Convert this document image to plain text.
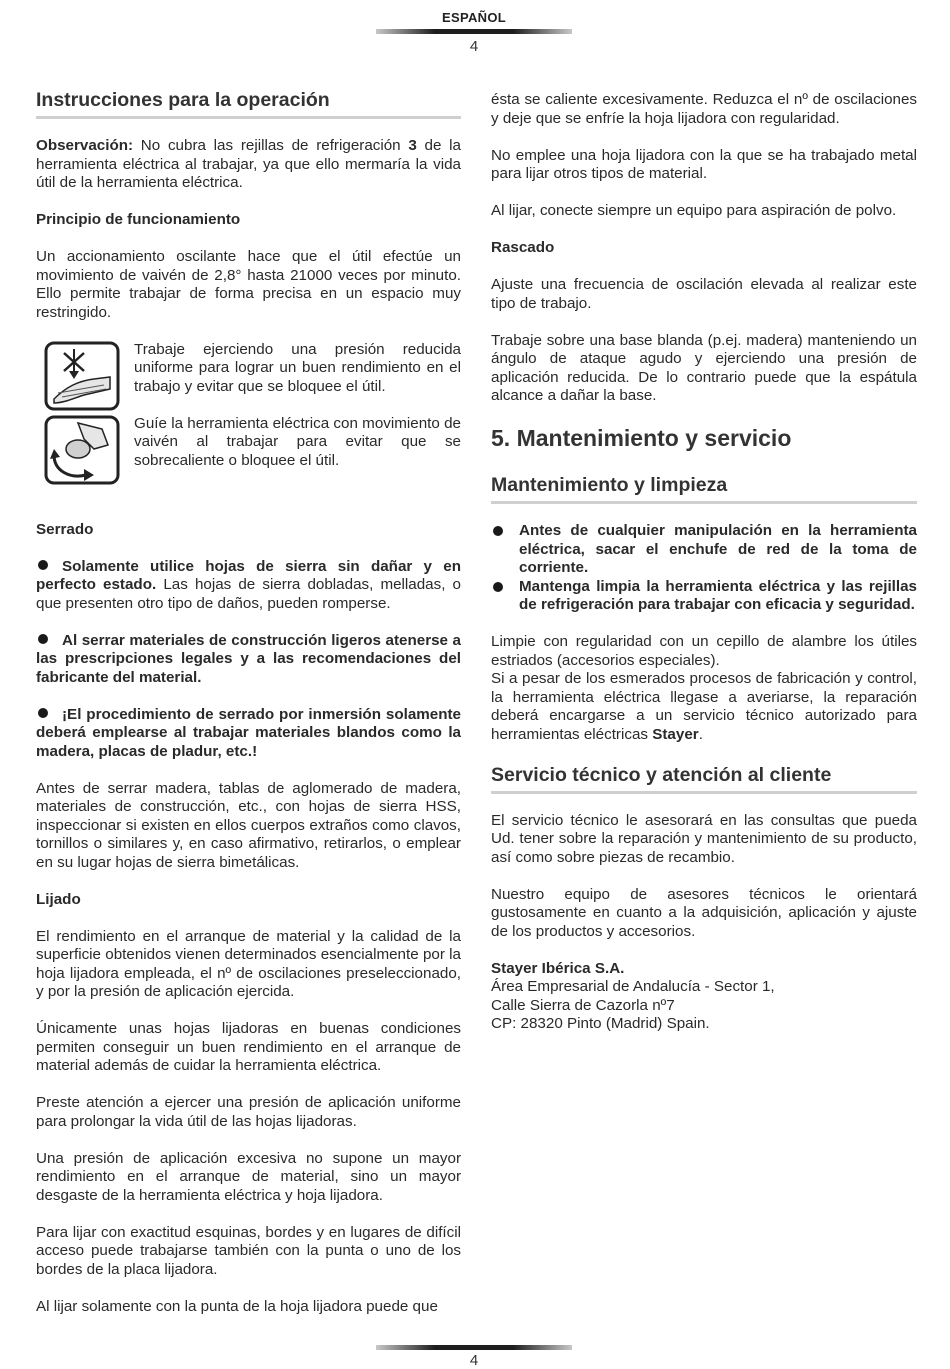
ESPAÑOL
4
Instrucciones para la operación

Observación: No cubra las rejillas de refrigeración 3 de la herramienta eléctrica al trabajar, ya que ello mermaría la vida útil de la herramienta eléctrica.

Principio de funcionamiento

Un accionamiento oscilante hace que el útil efectúe un movimiento de vaivén de 2,8° hasta 21000 veces por minuto. Ello permite trabajar de forma precisa en un espacio muy restringido.

Trabaje ejerciendo una presión reducida uniforme para lograr un buen rendimiento en el trabajo y evitar que se bloquee el útil.
Guíe la herramienta eléctrica con movimiento de vaivén al trabajar para evitar que se sobrecaliente o bloquee el útil.
Serrado

Solamente utilice hojas de sierra sin dañar y en perfecto estado. Las hojas de sierra dobladas, melladas, o que presenten otro tipo de daños, pueden romperse.

Al serrar materiales de construcción ligeros atenerse a las prescripciones legales y a las recomendaciones del fabricante del material.

¡El procedimiento de serrado por inmersión solamente deberá emplearse al trabajar materiales blandos como la madera, placas de pladur, etc.!

Antes de serrar madera, tablas de aglomerado de madera, materiales de construcción, etc., con hojas de sierra HSS, inspeccionar si existen en ellos cuerpos extraños como clavos, tornillos o similares y, en caso afirmativo, retirarlos, o emplear en su lugar hojas de sierra bimetálicas.

Lijado

El rendimiento en el arranque de material y la calidad de la superficie obtenidos vienen determinados esencialmente por la hoja lijadora empleada, el nº de oscilaciones preseleccionado, y por la presión de aplicación ejercida.

Únicamente unas hojas lijadoras en buenas condiciones permiten conseguir un buen rendimiento en el arranque de material además de cuidar la herramienta eléctrica.

Preste atención a ejercer una presión de aplicación uniforme para prolongar la vida útil de las hojas lijadoras.

Una presión de aplicación excesiva no supone un mayor rendimiento en el arranque de material, sino un mayor desgaste de la herramienta eléctrica y hoja lijadora.

Para lijar con exactitud esquinas, bordes y en lugares de difícil acceso puede trabajarse también con la punta o uno de los bordes de la placa lijadora.

Al lijar solamente con la punta de la hoja lijadora puede que

ésta se caliente excesivamente. Reduzca el nº de oscilaciones y deje que se enfríe la hoja lijadora con regularidad.

No emplee una hoja lijadora con la que se ha trabajado metal para lijar otros tipos de material.

Al lijar, conecte siempre un equipo para aspiración de polvo.

Rascado

Ajuste una frecuencia de oscilación elevada al realizar este tipo de trabajo.

Trabaje sobre una base blanda (p.ej. madera) manteniendo un ángulo de ataque agudo y ejerciendo una presión de aplicación reducida. De lo contrario puede que la espátula alcance a dañar la base.

5. Mantenimiento y servicio
Mantenimiento y limpieza
Antes de cualquier manipulación en la herramienta eléctrica, sacar el enchufe de red de la toma de corriente.
Mantenga limpia la herramienta eléctrica y las rejillas de refrigeración para trabajar con eficacia y seguridad.

Limpie con regularidad con un cepillo de alambre los útiles estriados (accesorios especiales).

Si a pesar de los esmerados procesos de fabricación y control, la herramienta eléctrica llegase a averiarse, la reparación deberá encargarse a un servicio técnico autorizado para herramientas eléctricas Stayer.

Servicio técnico y atención al cliente

El servicio técnico le asesorará en las consultas que pueda Ud. tener sobre la reparación y mantenimiento de su producto, así como sobre piezas de recambio.

Nuestro equipo de asesores técnicos le orientará gustosamente en cuanto a la adquisición, aplicación y ajuste de los productos y accesorios.

Stayer Ibérica S.A.
Área Empresarial de Andalucía - Sector 1,
Calle Sierra de Cazorla nº7
CP: 28320 Pinto (Madrid) Spain.
4
